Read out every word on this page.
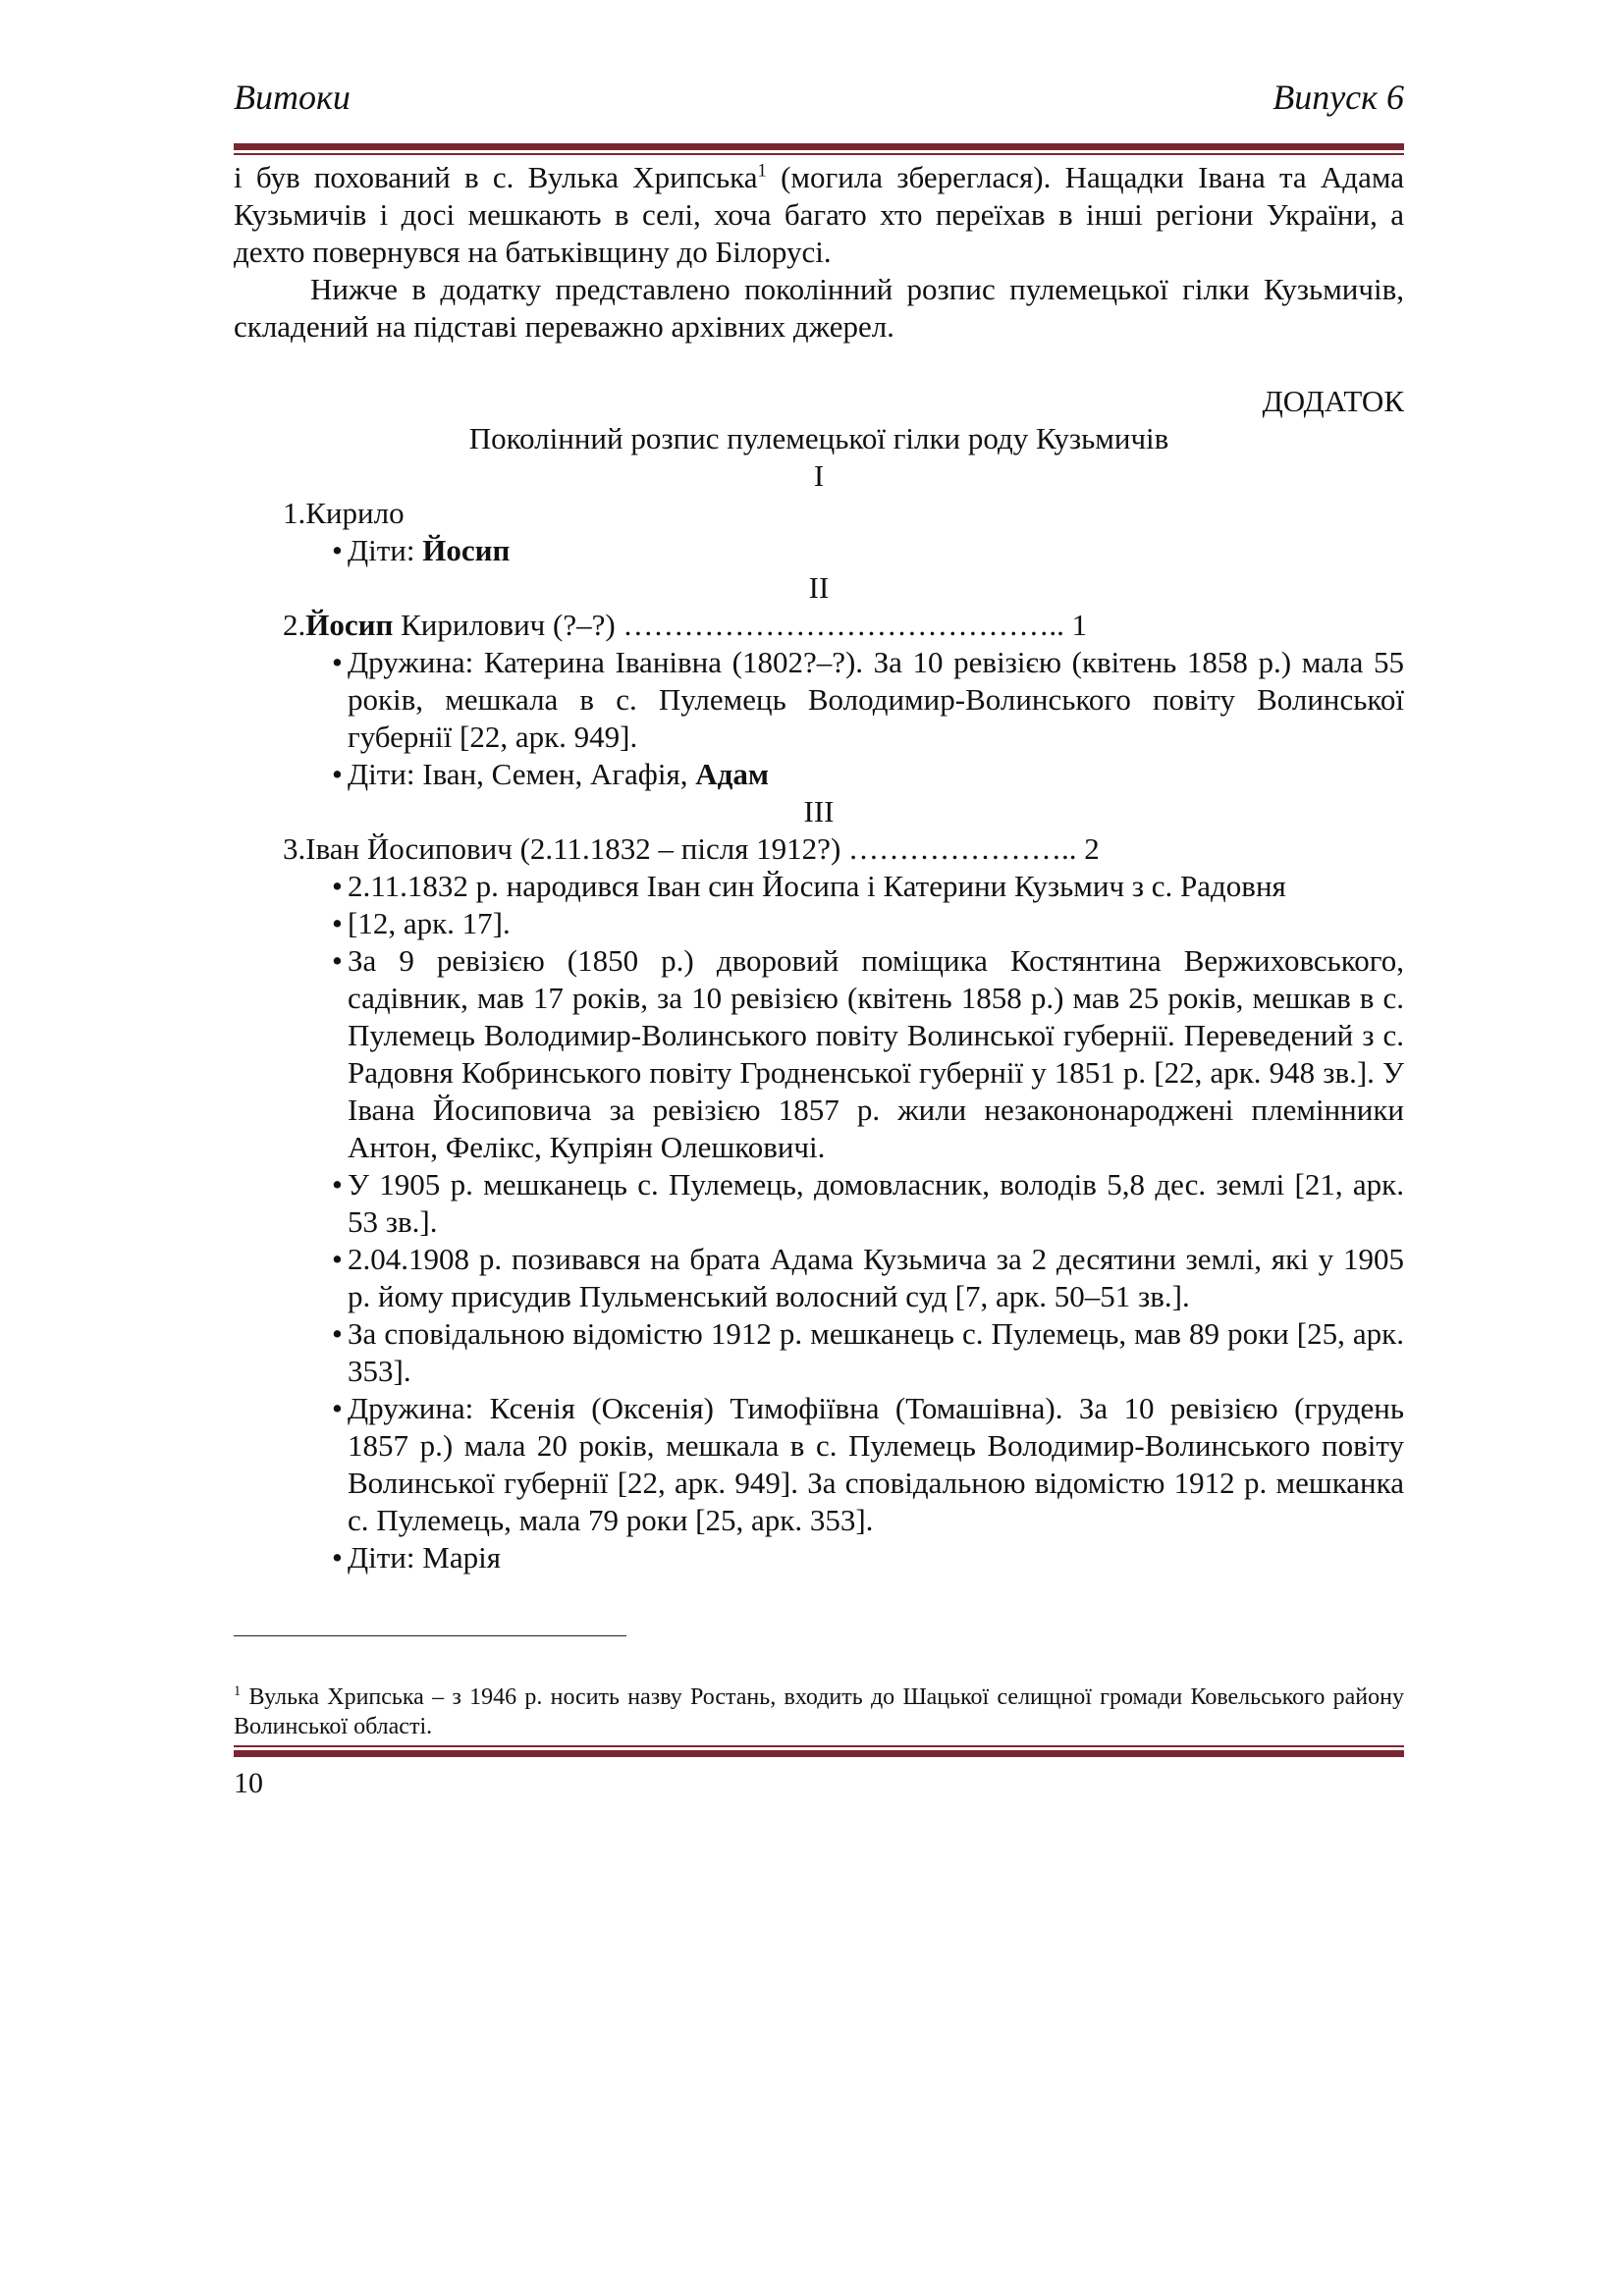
Витоки	Випуск 6

і був похований в с. Вулька Хрипська$^1$ (могила збереглася). Нащадки Івана та Адама Кузьмичів і досі мешкають в селі, хоча багато хто переїхав в інші регіони України, а дехто повернувся на батьківщину до Білорусі.

Нижче в додатку представлено поколінний розпис пулемецької гілки Кузьмичів, складений на підставі переважно архівних джерел.

ДОДАТОК

Поколінний розпис пулемецької гілки роду Кузьмичів

I

1.Кирило

• Діти: Йосип

II

2.Йосип Кирилович (?–?) …………………………………….. 1

• Дружина: Катерина Іванівна (1802?–?). За 10 ревізією (квітень 1858 р.) мала 55 років, мешкала в с. Пулемець Володимир-Волинського повіту Волинської губернії [22, арк. 949].
• Діти: Іван, Семен, Агафія, Адам

III

3.Іван Йосипович (2.11.1832 – після 1912?) ………………….. 2

• 2.11.1832 р. народився Іван син Йосипа і Катерини Кузьмич з с. Радовня
• [12, арк. 17].
• За 9 ревізією (1850 р.) дворовий поміщика Костянтина Вержиховського, садівник, мав 17 років, за 10 ревізією (квітень 1858 р.) мав 25 років, мешкав в с. Пулемець Володимир-Волинського повіту Волинської губернії. Переведений з с. Радовня Кобринського повіту Гродненської губернії у 1851 р. [22, арк. 948 зв.]. У Івана Йосиповича за ревізією 1857 р. жили незакононароджені племінники Антон, Фелікс, Купріян Олешковичі.
• У 1905 р. мешканець с. Пулемець, домовласник, володів 5,8 дес. землі [21, арк. 53 зв.].
• 2.04.1908 р. позивався на брата Адама Кузьмича за 2 десятини землі, які у 1905 р. йому присудив Пульменський волосний суд [7, арк. 50–51 зв.].
• За сповідальною відомістю 1912 р. мешканець с. Пулемець, мав 89 роки [25, арк. 353].
• Дружина: Ксенія (Оксенія) Тимофіївна (Томашівна). За 10 ревізією (грудень 1857 р.) мала 20 років, мешкала в с. Пулемець Володимир-Волинського повіту Волинської губернії [22, арк. 949]. За сповідальною відомістю 1912 р. мешканка с. Пулемець, мала 79 роки [25, арк. 353].
• Діти: Марія
$^1$ Вулька Хрипська – з 1946 р. носить назву Ростань, входить до Шацької селищної громади Ковельського району Волинської області.
10
